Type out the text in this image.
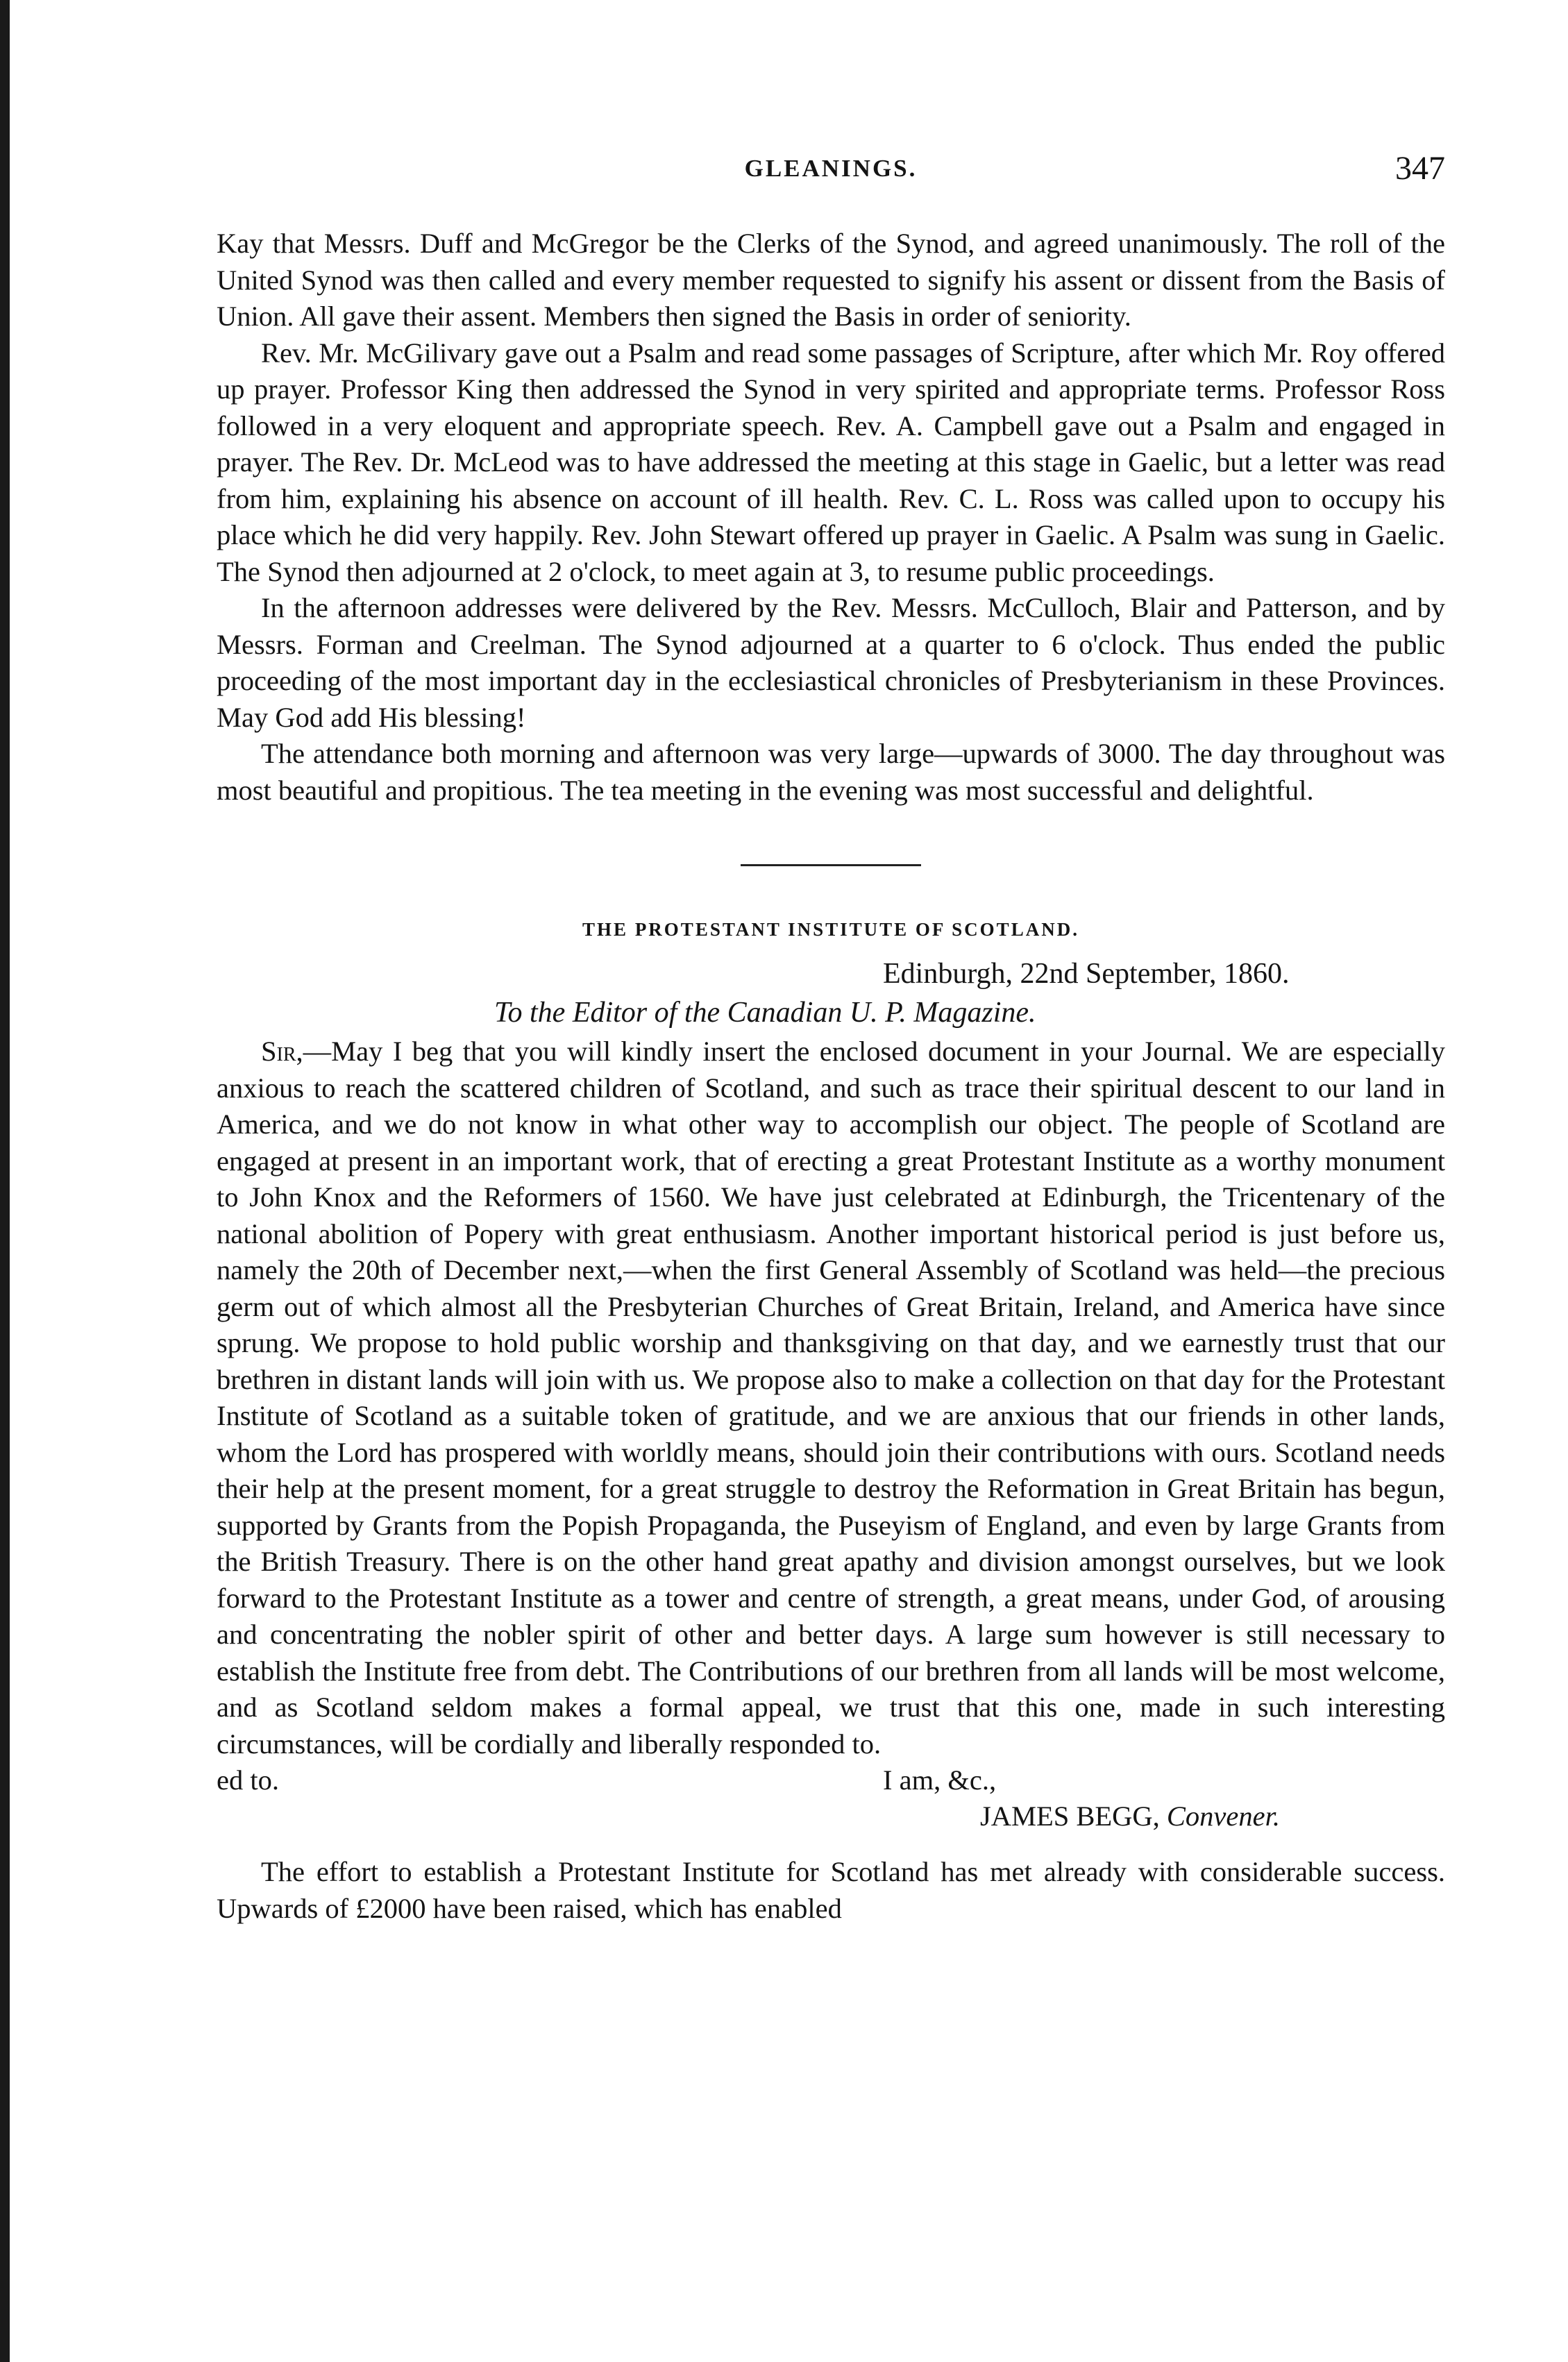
GLEANINGS.	347

Kay that Messrs. Duff and McGregor be the Clerks of the Synod, and agreed unanimously. The roll of the United Synod was then called and every member requested to signify his assent or dissent from the Basis of Union. All gave their assent. Members then signed the Basis in order of seniority.

Rev. Mr. McGilivary gave out a Psalm and read some passages of Scripture, after which Mr. Roy offered up prayer. Professor King then addressed the Synod in very spirited and appropriate terms. Professor Ross followed in a very eloquent and appropriate speech. Rev. A. Campbell gave out a Psalm and engaged in prayer. The Rev. Dr. McLeod was to have addressed the meeting at this stage in Gaelic, but a letter was read from him, explaining his absence on account of ill health. Rev. C. L. Ross was called upon to occupy his place which he did very happily. Rev. John Stewart offered up prayer in Gaelic. A Psalm was sung in Gaelic. The Synod then adjourned at 2 o'clock, to meet again at 3, to resume public proceedings.

In the afternoon addresses were delivered by the Rev. Messrs. McCulloch, Blair and Patterson, and by Messrs. Forman and Creelman. The Synod adjourned at a quarter to 6 o'clock. Thus ended the public proceeding of the most important day in the ecclesiastical chronicles of Presbyterianism in these Provinces. May God add His blessing!

The attendance both morning and afternoon was very large—upwards of 3000. The day throughout was most beautiful and propitious. The tea meeting in the evening was most successful and delightful.

THE PROTESTANT INSTITUTE OF SCOTLAND.
Edinburgh, 22nd September, 1860.
To the Editor of the Canadian U. P. Magazine.

Sir,—May I beg that you will kindly insert the enclosed document in your Journal. We are especially anxious to reach the scattered children of Scotland, and such as trace their spiritual descent to our land in America, and we do not know in what other way to accomplish our object. The people of Scotland are engaged at present in an important work, that of erecting a great Protestant Institute as a worthy monument to John Knox and the Reformers of 1560. We have just celebrated at Edinburgh, the Tricentenary of the national abolition of Popery with great enthusiasm. Another important historical period is just before us, namely the 20th of December next,—when the first General Assembly of Scotland was held—the precious germ out of which almost all the Presbyterian Churches of Great Britain, Ireland, and America have since sprung. We propose to hold public worship and thanksgiving on that day, and we earnestly trust that our brethren in distant lands will join with us. We propose also to make a collection on that day for the Protestant Institute of Scotland as a suitable token of gratitude, and we are anxious that our friends in other lands, whom the Lord has prospered with worldly means, should join their contributions with ours. Scotland needs their help at the present moment, for a great struggle to destroy the Reformation in Great Britain has begun, supported by Grants from the Popish Propaganda, the Puseyism of England, and even by large Grants from the British Treasury. There is on the other hand great apathy and division amongst ourselves, but we look forward to the Protestant Institute as a tower and centre of strength, a great means, under God, of arousing and concentrating the nobler spirit of other and better days. A large sum however is still necessary to establish the Institute free from debt. The Contributions of our brethren from all lands will be most welcome, and as Scotland seldom makes a formal appeal, we trust that this one, made in such interesting circumstances, will be cordially and liberally responded to.

ed to.	I am, &c.,
JAMES BEGG, Convener.

The effort to establish a Protestant Institute for Scotland has met already with considerable success. Upwards of £2000 have been raised, which has enabled
